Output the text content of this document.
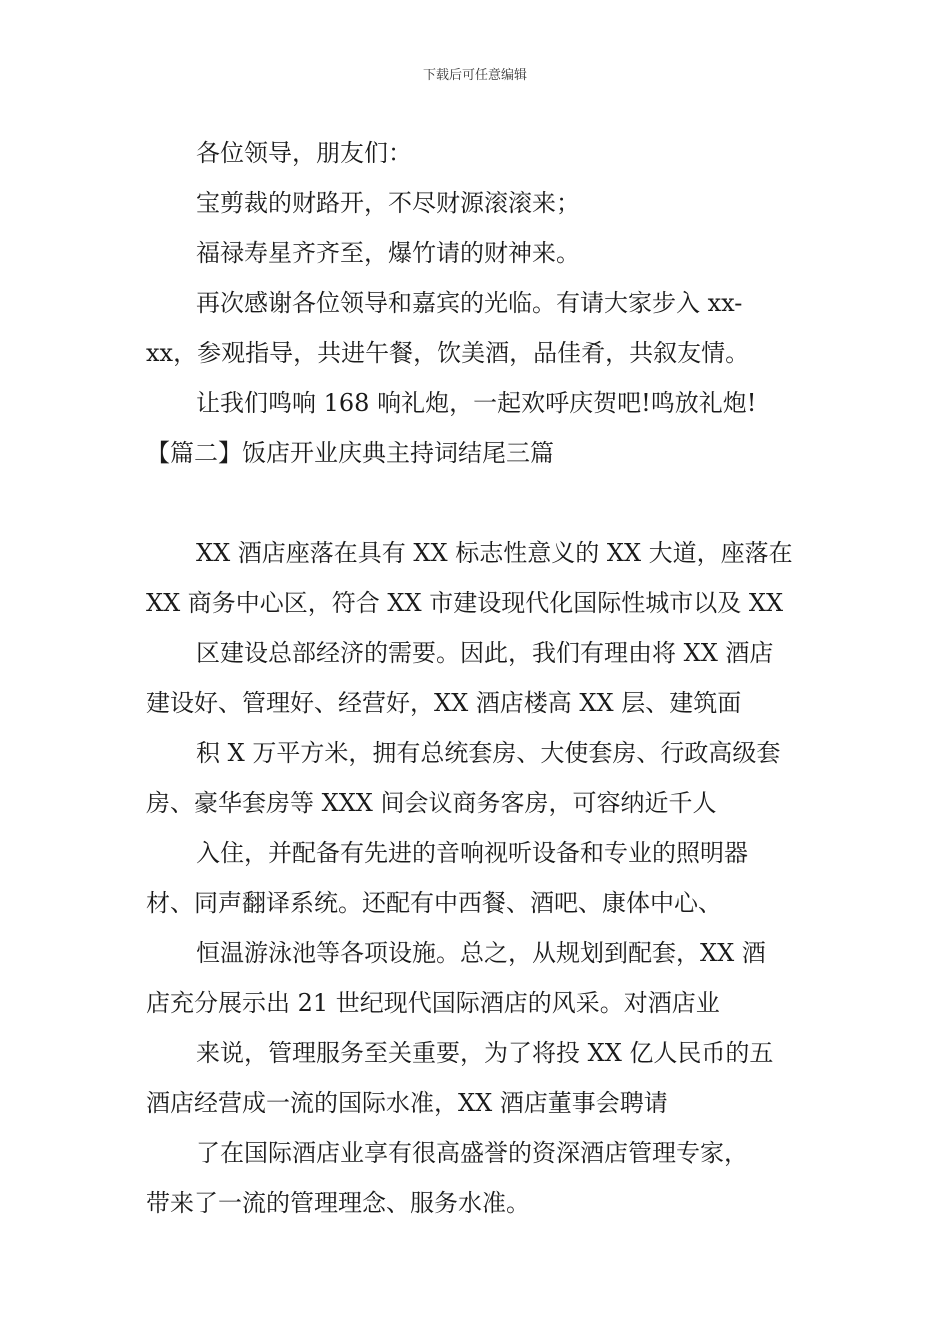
下载后可任意编辑
各位领导，朋友们：
宝剪裁的财路开，不尽财源滚滚来；
福禄寿星齐齐至，爆竹请的财神来。
再次感谢各位领导和嘉宾的光临。有请大家步入 xx-
xx，参观指导，共进午餐，饮美酒，品佳肴，共叙友情。
让我们鸣响 168 响礼炮，一起欢呼庆贺吧!鸣放礼炮!
【篇二】饭店开业庆典主持词结尾三篇
XX 酒店座落在具有 XX 标志性意义的 XX 大道，座落在
XX 商务中心区，符合 XX 市建设现代化国际性城市以及 XX
区建设总部经济的需要。因此，我们有理由将 XX 酒店
建设好、管理好、经营好，XX 酒店楼高 XX 层、建筑面
积 X 万平方米，拥有总统套房、大使套房、行政高级套
房、豪华套房等 XXX 间会议商务客房，可容纳近千人
入住，并配备有先进的音响视听设备和专业的照明器
材、同声翻译系统。还配有中西餐、酒吧、康体中心、
恒温游泳池等各项设施。总之，从规划到配套，XX 酒
店充分展示出 21 世纪现代国际酒店的风采。对酒店业
来说，管理服务至关重要，为了将投 XX 亿人民币的五
酒店经营成一流的国际水准，XX 酒店董事会聘请
了在国际酒店业享有很高盛誉的资深酒店管理专家，
带来了一流的管理理念、服务水准。
